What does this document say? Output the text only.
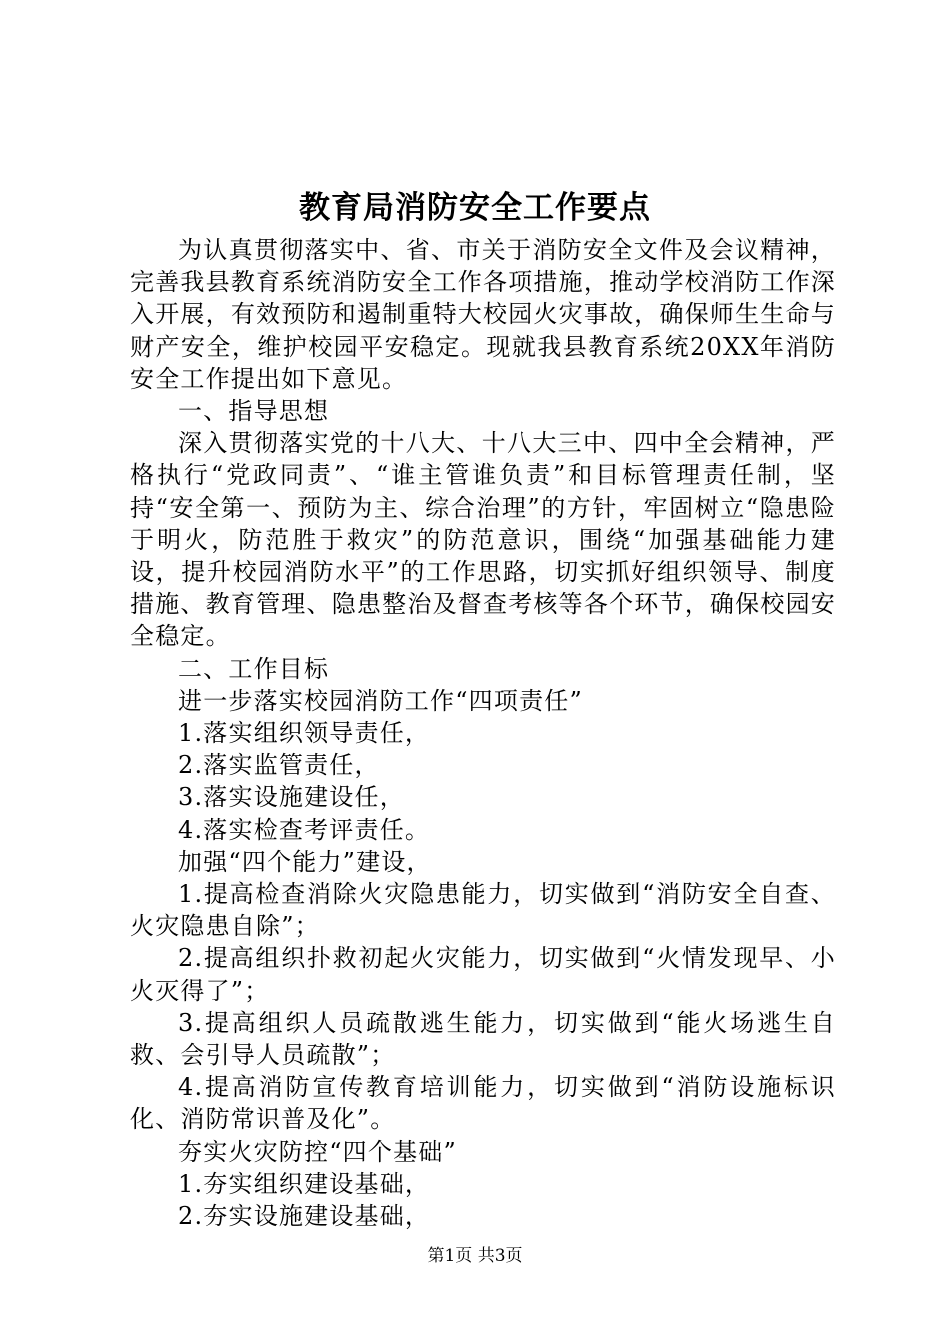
教育局消防安全工作要点

为认真贯彻落实中、省、市关于消防安全文件及会议精神，完善我县教育系统消防安全工作各项措施，推动学校消防工作深入开展，有效预防和遏制重特大校园火灾事故，确保师生生命与财产安全，维护校园平安稳定。现就我县教育系统20XX年消防安全工作提出如下意见。

一、指导思想

深入贯彻落实党的十八大、十八大三中、四中全会精神，严格执行“党政同责”、“谁主管谁负责”和目标管理责任制，坚持“安全第一、预防为主、综合治理”的方针，牢固树立“隐患险于明火，防范胜于救灾”的防范意识，围绕“加强基础能力建设，提升校园消防水平”的工作思路，切实抓好组织领导、制度措施、教育管理、隐患整治及督查考核等各个环节，确保校园安全稳定。

二、工作目标

进一步落实校园消防工作“四项责任”

1.落实组织领导责任，

2.落实监管责任，

3.落实设施建设任，

4.落实检查考评责任。

加强“四个能力”建设，

1.提高检查消除火灾隐患能力，切实做到“消防安全自查、火灾隐患自除”；

2.提高组织扑救初起火灾能力，切实做到“火情发现早、小火灭得了”；

3.提高组织人员疏散逃生能力，切实做到“能火场逃生自救、会引导人员疏散”；

4.提高消防宣传教育培训能力，切实做到“消防设施标识化、消防常识普及化”。

夯实火灾防控“四个基础”

1.夯实组织建设基础，

2.夯实设施建设基础，

第1页 共3页
